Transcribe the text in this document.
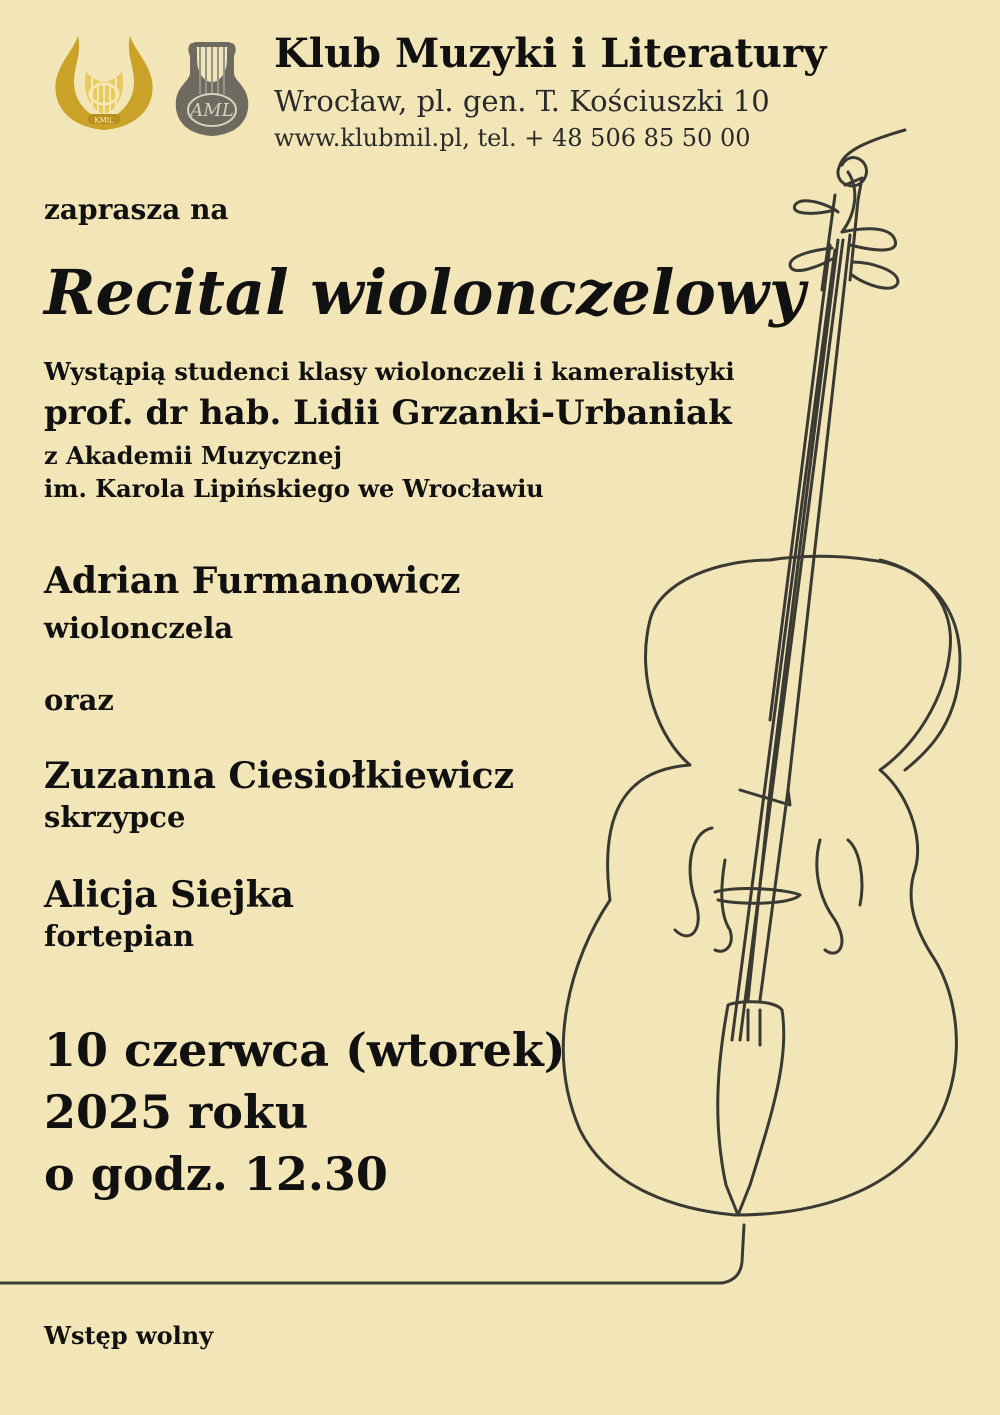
KMIL	AML
Klub Muzyki i Literatury
Wrocław, pl. gen. T. Kościuszki 10
www.klubmil.pl, tel. + 48 506 85 50 00
zaprasza na
Recital wiolonczelowy
Wystąpią studenci klasy wiolonczeli i kameralistyki
prof. dr hab. Lidii Grzanki-Urbaniak
z Akademii Muzycznej
im. Karola Lipińskiego we Wrocławiu
Adrian Furmanowicz
wiolonczela
oraz
Zuzanna Ciesiołkiewicz
skrzypce
Alicja Siejka
fortepian
10 czerwca (wtorek)
2025 roku
o godz. 12.30
Wstęp wolny
